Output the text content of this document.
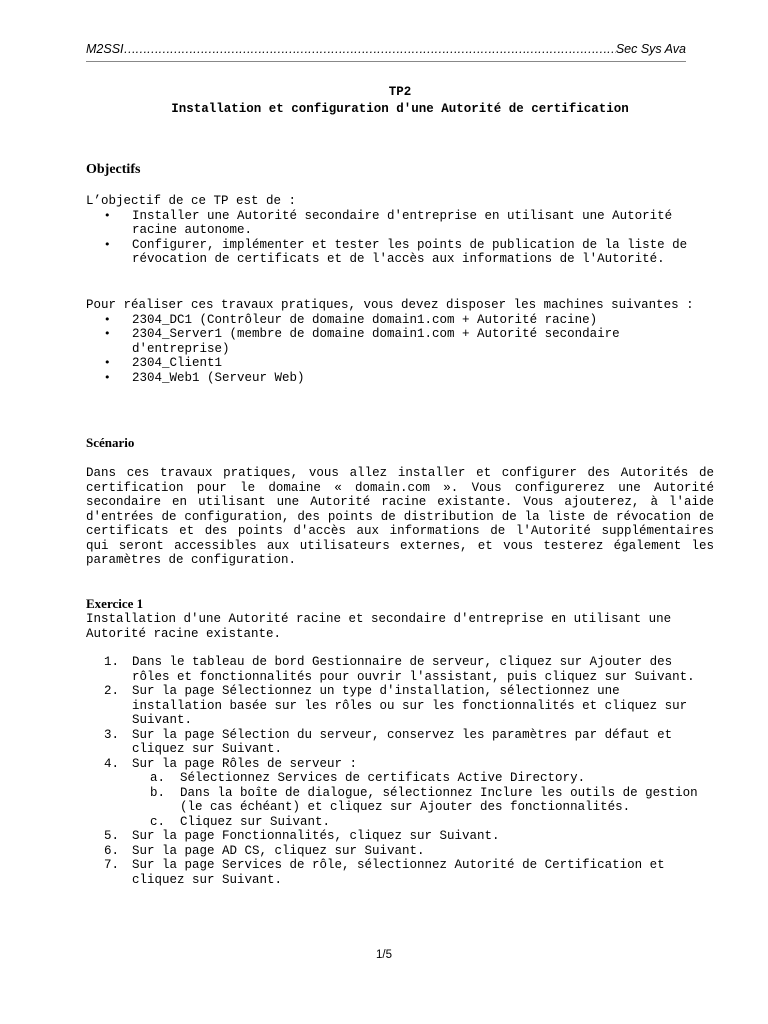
M2SSI
…………………………………………………………………………………………………………………………………………………………………………………………………………………………	Sec Sys Ava
TP2
Installation et configuration d'une Autorité de certification
Objectifs

L’objectif de ce TP est de :

• Installer une Autorité secondaire d'entreprise en utilisant une Autorité racine autonome.
• Configurer, implémenter et tester les points de publication de la liste de révocation de certificats et de l'accès aux informations de l'Autorité.

Pour réaliser ces travaux pratiques, vous devez disposer les machines suivantes :

• 2304_DC1 (Contrôleur de domaine domain1.com + Autorité racine)
• 2304_Server1 (membre de domaine domain1.com + Autorité secondaire d'entreprise)
• 2304_Client1
• 2304_Web1 (Serveur Web)
Scénario
Dans ces travaux pratiques, vous allez installer et configurer des Autorités de certification pour le domaine « domain.com ». Vous configurerez une Autorité secondaire en utilisant une Autorité racine existante. Vous ajouterez, à l'aide d'entrées de configuration, des points de distribution de la liste de révocation de certificats et des points d'accès aux informations de l'Autorité supplémentaires qui seront accessibles aux utilisateurs externes, et vous testerez également les paramètres de configuration.
Exercice 1
Installation d'une Autorité racine et secondaire d'entreprise en utilisant une Autorité racine existante.
1. Dans le tableau de bord Gestionnaire de serveur, cliquez sur Ajouter des rôles et fonctionnalités pour ouvrir l'assistant, puis cliquez sur Suivant.
2. Sur la page Sélectionnez un type d'installation, sélectionnez une installation basée sur les rôles ou sur les fonctionnalités et cliquez sur Suivant.
3. Sur la page Sélection du serveur, conservez les paramètres par défaut et cliquez sur Suivant.
4. Sur la page Rôles de serveur :
a. Sélectionnez Services de certificats Active Directory.
b. Dans la boîte de dialogue, sélectionnez Inclure les outils de gestion (le cas échéant) et cliquez sur Ajouter des fonctionnalités.
c. Cliquez sur Suivant.
5. Sur la page Fonctionnalités, cliquez sur Suivant.
6. Sur la page AD CS, cliquez sur Suivant.
7. Sur la page Services de rôle, sélectionnez Autorité de Certification et cliquez sur Suivant.
1/5
